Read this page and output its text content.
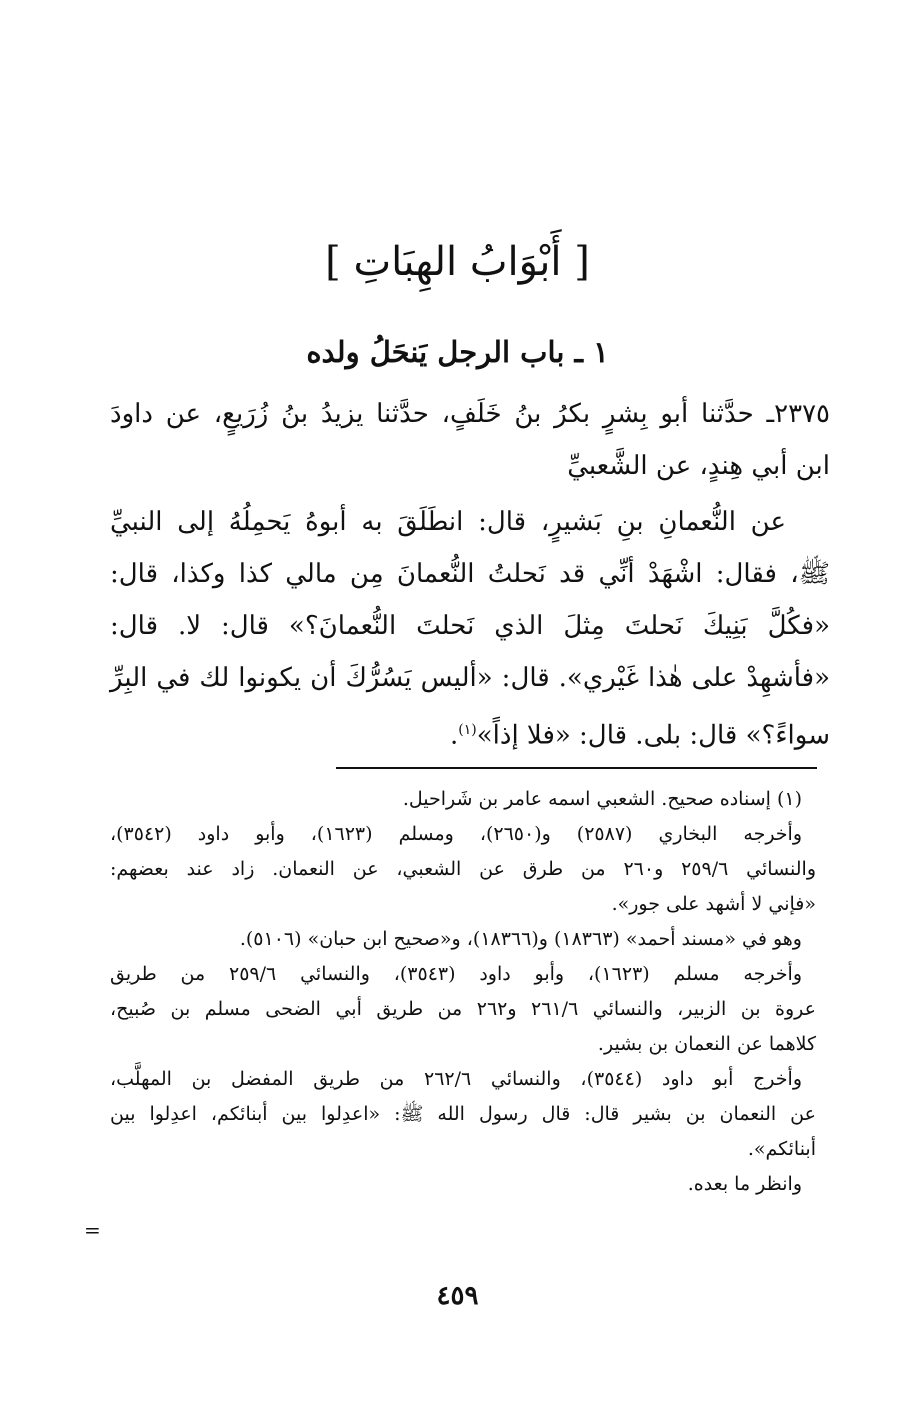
[ أَبْوَابُ الهِبَاتِ ]
١ ـ باب الرجل يَنحَلُ ولده
٢٣٧٥ـ حدَّثنا أبو بِشرٍ بكرُ بنُ خَلَفٍ، حدَّثنا يزيدُ بنُ زُرَيعٍ، عن داودَ
ابن أبي هِندٍ، عن الشَّعبيِّ
عن النُّعمانِ بنِ بَشيرٍ، قال: انطَلَقَ به أبوهُ يَحمِلُهُ إلى النبيِّ
ﷺ، فقال: اشْهَدْ أنِّي قد نَحلتُ النُّعمانَ مِن مالي كذا وكذا، قال:
«فكُلَّ بَنِيكَ نَحلتَ مِثلَ الذي نَحلتَ النُّعمانَ؟» قال: لا. قال:
«فأشهِدْ على هٰذا غَيْري». قال: «أليس يَسُرُّكَ أن يكونوا لك في البِرِّ
سواءً؟» قال: بلى. قال: «فلا إذاً»$^{(١)}$.
(١) إسناده صحيح. الشعبي اسمه عامر بن شَراحيل.
وأخرجه البخاري (٢٥٨٧) و(٢٦٥٠)، ومسلم (١٦٢٣)، وأبو داود (٣٥٤٢)،
والنسائي ٢٥٩/٦ و٢٦٠ من طرق عن الشعبي، عن النعمان. زاد عند بعضهم:
«فإني لا أشهد على جور».
وهو في «مسند أحمد» (١٨٣٦٣) و(١٨٣٦٦)، و«صحيح ابن حبان» (٥١٠٦).
وأخرجه مسلم (١٦٢٣)، وأبو داود (٣٥٤٣)، والنسائي ٢٥٩/٦ من طريق
عروة بن الزبير، والنسائي ٢٦١/٦ و٢٦٢ من طريق أبي الضحى مسلم بن صُبيح،
كلاهما عن النعمان بن بشير.
وأخرج أبو داود (٣٥٤٤)، والنسائي ٢٦٢/٦ من طريق المفضل بن المهلَّب،
عن النعمان بن بشير قال: قال رسول الله ﷺ: «اعدِلوا بين أبنائكم، اعدِلوا بين
أبنائكم».
وانظر ما بعده.
=
٤٥٩
